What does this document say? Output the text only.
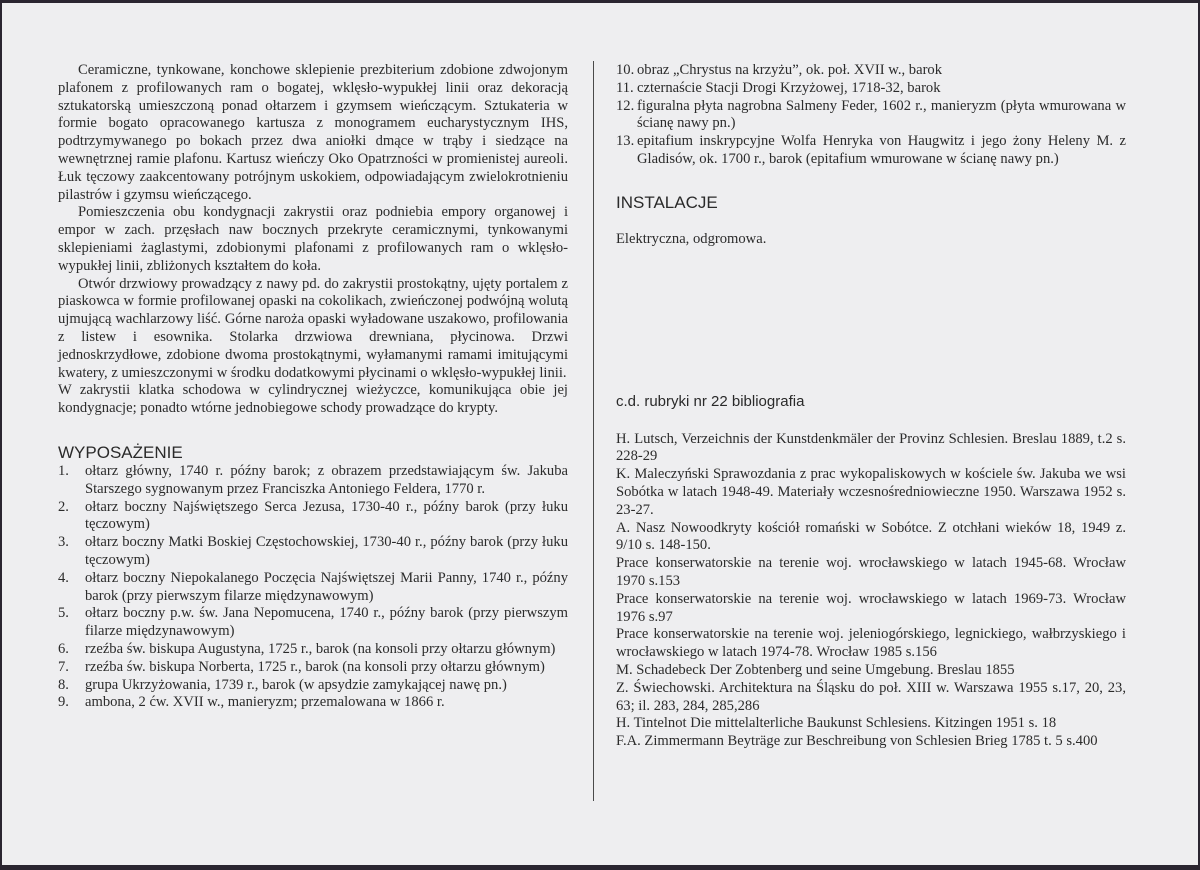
Ceramiczne, tynkowane, konchowe sklepienie prezbiterium zdobione zdwojonym plafonem z profilowanych ram o bogatej, wklęsło-wypukłej linii oraz dekoracją sztukatorską umieszczoną ponad ołtarzem i gzymsem wieńczącym. Sztukateria w formie bogato opracowanego kartusza z monogramem eucharystycznym IHS, podtrzymywanego po bokach przez dwa aniołki dmące w trąby i siedzące na wewnętrznej ramie plafonu. Kartusz wieńczy Oko Opatrzności w promienistej aureoli. Łuk tęczowy zaakcentowany potrójnym uskokiem, odpowiadającym zwielokrotnieniu pilastrów i gzymsu wieńczącego.

Pomieszczenia obu kondygnacji zakrystii oraz podniebia empory organowej i empor w zach. przęsłach naw bocznych przekryte ceramicznymi, tynkowanymi sklepieniami żaglastymi, zdobionymi plafonami z profilowanych ram o wklęsło-wypukłej linii, zbliżonych kształtem do koła.

Otwór drzwiowy prowadzący z nawy pd. do zakrystii prostokątny, ujęty portalem z piaskowca w formie profilowanej opaski na cokolikach, zwieńczonej podwójną wolutą ujmującą wachlarzowy liść. Górne naroża opaski wyładowane uszakowo, profilowania z listew i esownika. Stolarka drzwiowa drewniana, płycinowa. Drzwi jednoskrzydłowe, zdobione dwoma prostokątnymi, wyłamanymi ramami imitującymi kwatery, z umieszczonymi w środku dodatkowymi płycinami o wklęsło-wypukłej linii.

W zakrystii klatka schodowa w cylindrycznej wieżyczce, komunikująca obie jej kondygnacje; ponadto wtórne jednobiegowe schody prowadzące do krypty.

WYPOSAŻENIE
1. ołtarz główny, 1740 r. późny barok; z obrazem przedstawiającym św. Jakuba Starszego sygnowanym przez Franciszka Antoniego Feldera, 1770 r.
2. ołtarz boczny Najświętszego Serca Jezusa, 1730-40 r., późny barok (przy łuku tęczowym)
3. ołtarz boczny Matki Boskiej Częstochowskiej, 1730-40 r., późny barok (przy łuku tęczowym)
4. ołtarz boczny Niepokalanego Poczęcia Najświętszej Marii Panny, 1740 r., późny barok (przy pierwszym filarze międzynawowym)
5. ołtarz boczny p.w. św. Jana Nepomucena, 1740 r., późny barok (przy pierwszym filarze międzynawowym)
6. rzeźba św. biskupa Augustyna, 1725 r., barok (na konsoli przy ołtarzu głównym)
7. rzeźba św. biskupa Norberta, 1725 r., barok (na konsoli przy ołtarzu głównym)
8. grupa Ukrzyżowania, 1739 r., barok (w apsydzie zamykającej nawę pn.)
9. ambona, 2 ćw. XVII w., manieryzm; przemalowana w 1866 r.
10. obraz „Chrystus na krzyżu”, ok. poł. XVII w., barok
11. czternaście Stacji Drogi Krzyżowej, 1718-32, barok
12. figuralna płyta nagrobna Salmeny Feder, 1602 r., manieryzm (płyta wmurowana w ścianę nawy pn.)
13. epitafium inskrypcyjne Wolfa Henryka von Haugwitz i jego żony Heleny M. z Gladisów, ok. 1700 r., barok (epitafium wmurowane w ścianę nawy pn.)
INSTALACJE

Elektryczna, odgromowa.

c.d. rubryki nr 22 bibliografia
H. Lutsch, Verzeichnis der Kunstdenkmäler der Provinz Schlesien. Breslau 1889, t.2 s. 228-29
K. Maleczyński Sprawozdania z prac wykopaliskowych w kościele św. Jakuba we wsi Sobótka w latach 1948-49. Materiały wczesnośredniowieczne 1950. Warszawa 1952 s. 23-27.
A. Nasz Nowoodkryty kościół romański w Sobótce. Z otchłani wieków 18, 1949 z. 9/10 s. 148-150.
Prace konserwatorskie na terenie woj. wrocławskiego w latach 1945-68. Wrocław 1970 s.153
Prace konserwatorskie na terenie woj. wrocławskiego w latach 1969-73. Wrocław 1976 s.97
Prace konserwatorskie na terenie woj. jeleniogórskiego, legnickiego, wałbrzyskiego i wrocławskiego w latach 1974-78. Wrocław 1985 s.156
M. Schadebeck Der Zobtenberg und seine Umgebung. Breslau 1855
Z. Świechowski. Architektura na Śląsku do poł. XIII w. Warszawa 1955 s.17, 20, 23, 63; il. 283, 284, 285,286
H. Tintelnot Die mittelalterliche Baukunst Schlesiens. Kitzingen 1951 s. 18
F.A. Zimmermann Beyträge zur Beschreibung von Schlesien Brieg 1785 t. 5 s.400
